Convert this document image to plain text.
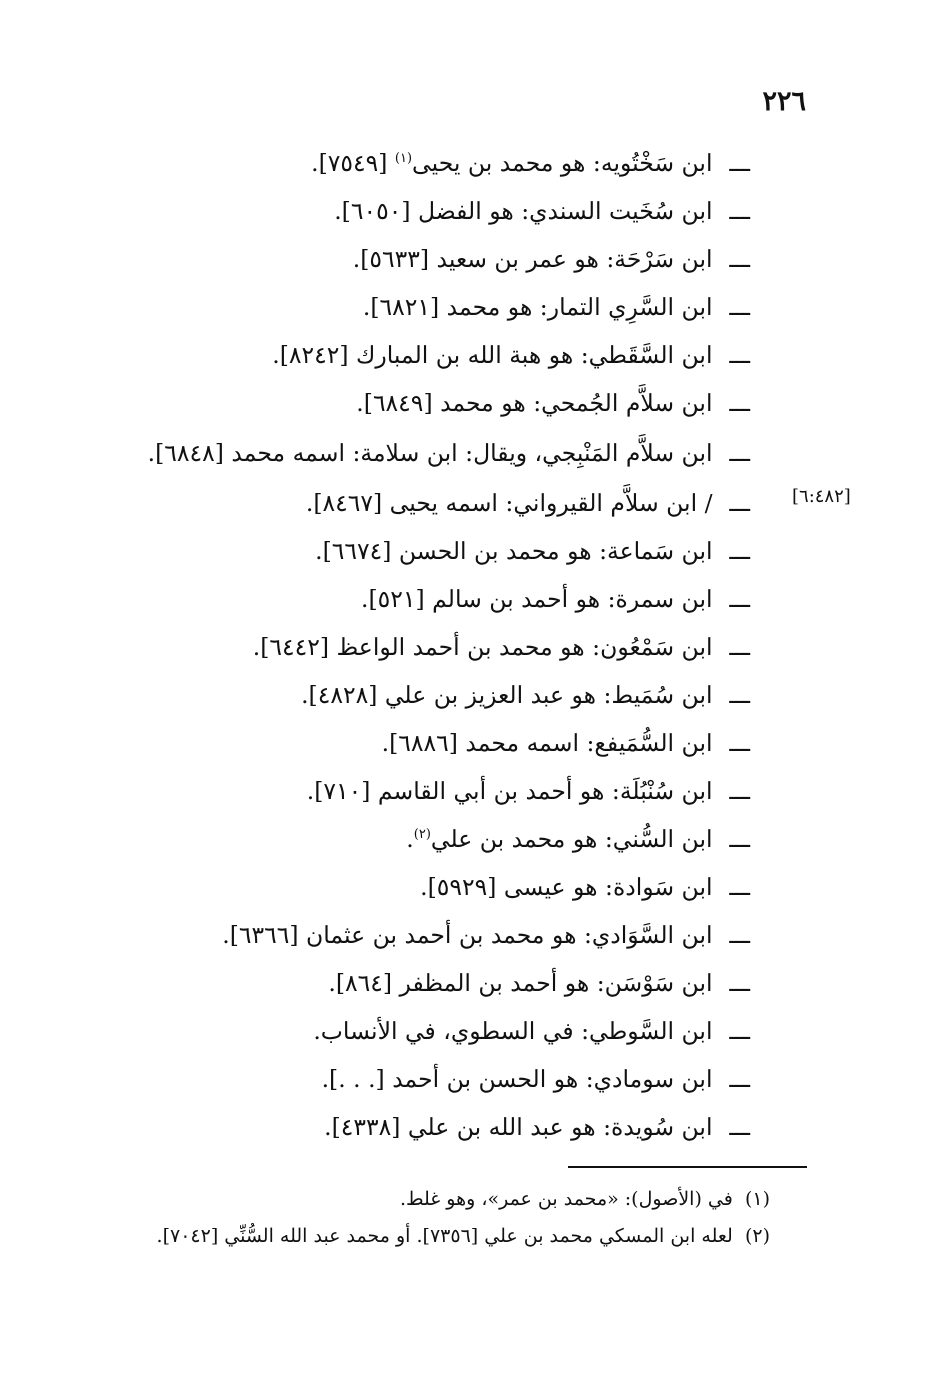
٢٢٦
[٦:٤٨٢]
ـــ ابن سَخْتُويه: هو محمد بن يحيى$^{(١)}$ [٧٥٤٩].
ـــ ابن سُخَيت السندي: هو الفضل [٦٠٥٠].
ـــ ابن سَرْحَة: هو عمر بن سعيد [٥٦٣٣].
ـــ ابن السَّرِي التمار: هو محمد [٦٨٢١].
ـــ ابن السَّقَطي: هو هبة الله بن المبارك [٨٢٤٢].
ـــ ابن سلاَّم الجُمحي: هو محمد [٦٨٤٩].
ـــ ابن سلاَّم المَنْبِجي، ويقال: ابن سلامة: اسمه محمد [٦٨٤٨].
ـــ / ابن سلاَّم القيرواني: اسمه يحيى [٨٤٦٧].
ـــ ابن سَماعة: هو محمد بن الحسن [٦٦٧٤].
ـــ ابن سمرة: هو أحمد بن سالم [٥٢١].
ـــ ابن سَمْعُون: هو محمد بن أحمد الواعظ [٦٤٤٢].
ـــ ابن سُمَيط: هو عبد العزيز بن علي [٤٨٢٨].
ـــ ابن السُّمَيفع: اسمه محمد [٦٨٨٦].
ـــ ابن سُنْبُلَة: هو أحمد بن أبي القاسم [٧١٠].
ـــ ابن السُّني: هو محمد بن علي$^{(٢)}$.
ـــ ابن سَوادة: هو عيسى [٥٩٢٩].
ـــ ابن السَّوَادي: هو محمد بن أحمد بن عثمان [٦٣٦٦].
ـــ ابن سَوْسَن: هو أحمد بن المظفر [٨٦٤].
ـــ ابن السَّوطي: في السطوي، في الأنساب.
ـــ ابن سومادي: هو الحسن بن أحمد [. . .].
ـــ ابن سُويدة: هو عبد الله بن علي [٤٣٣٨].
(١)  في (الأصول): «محمد بن عمر»، وهو غلط.
(٢)  لعله ابن المسكي محمد بن علي [٧٣٥٦]. أو محمد عبد الله السُّنِّي [٧٠٤٢].
